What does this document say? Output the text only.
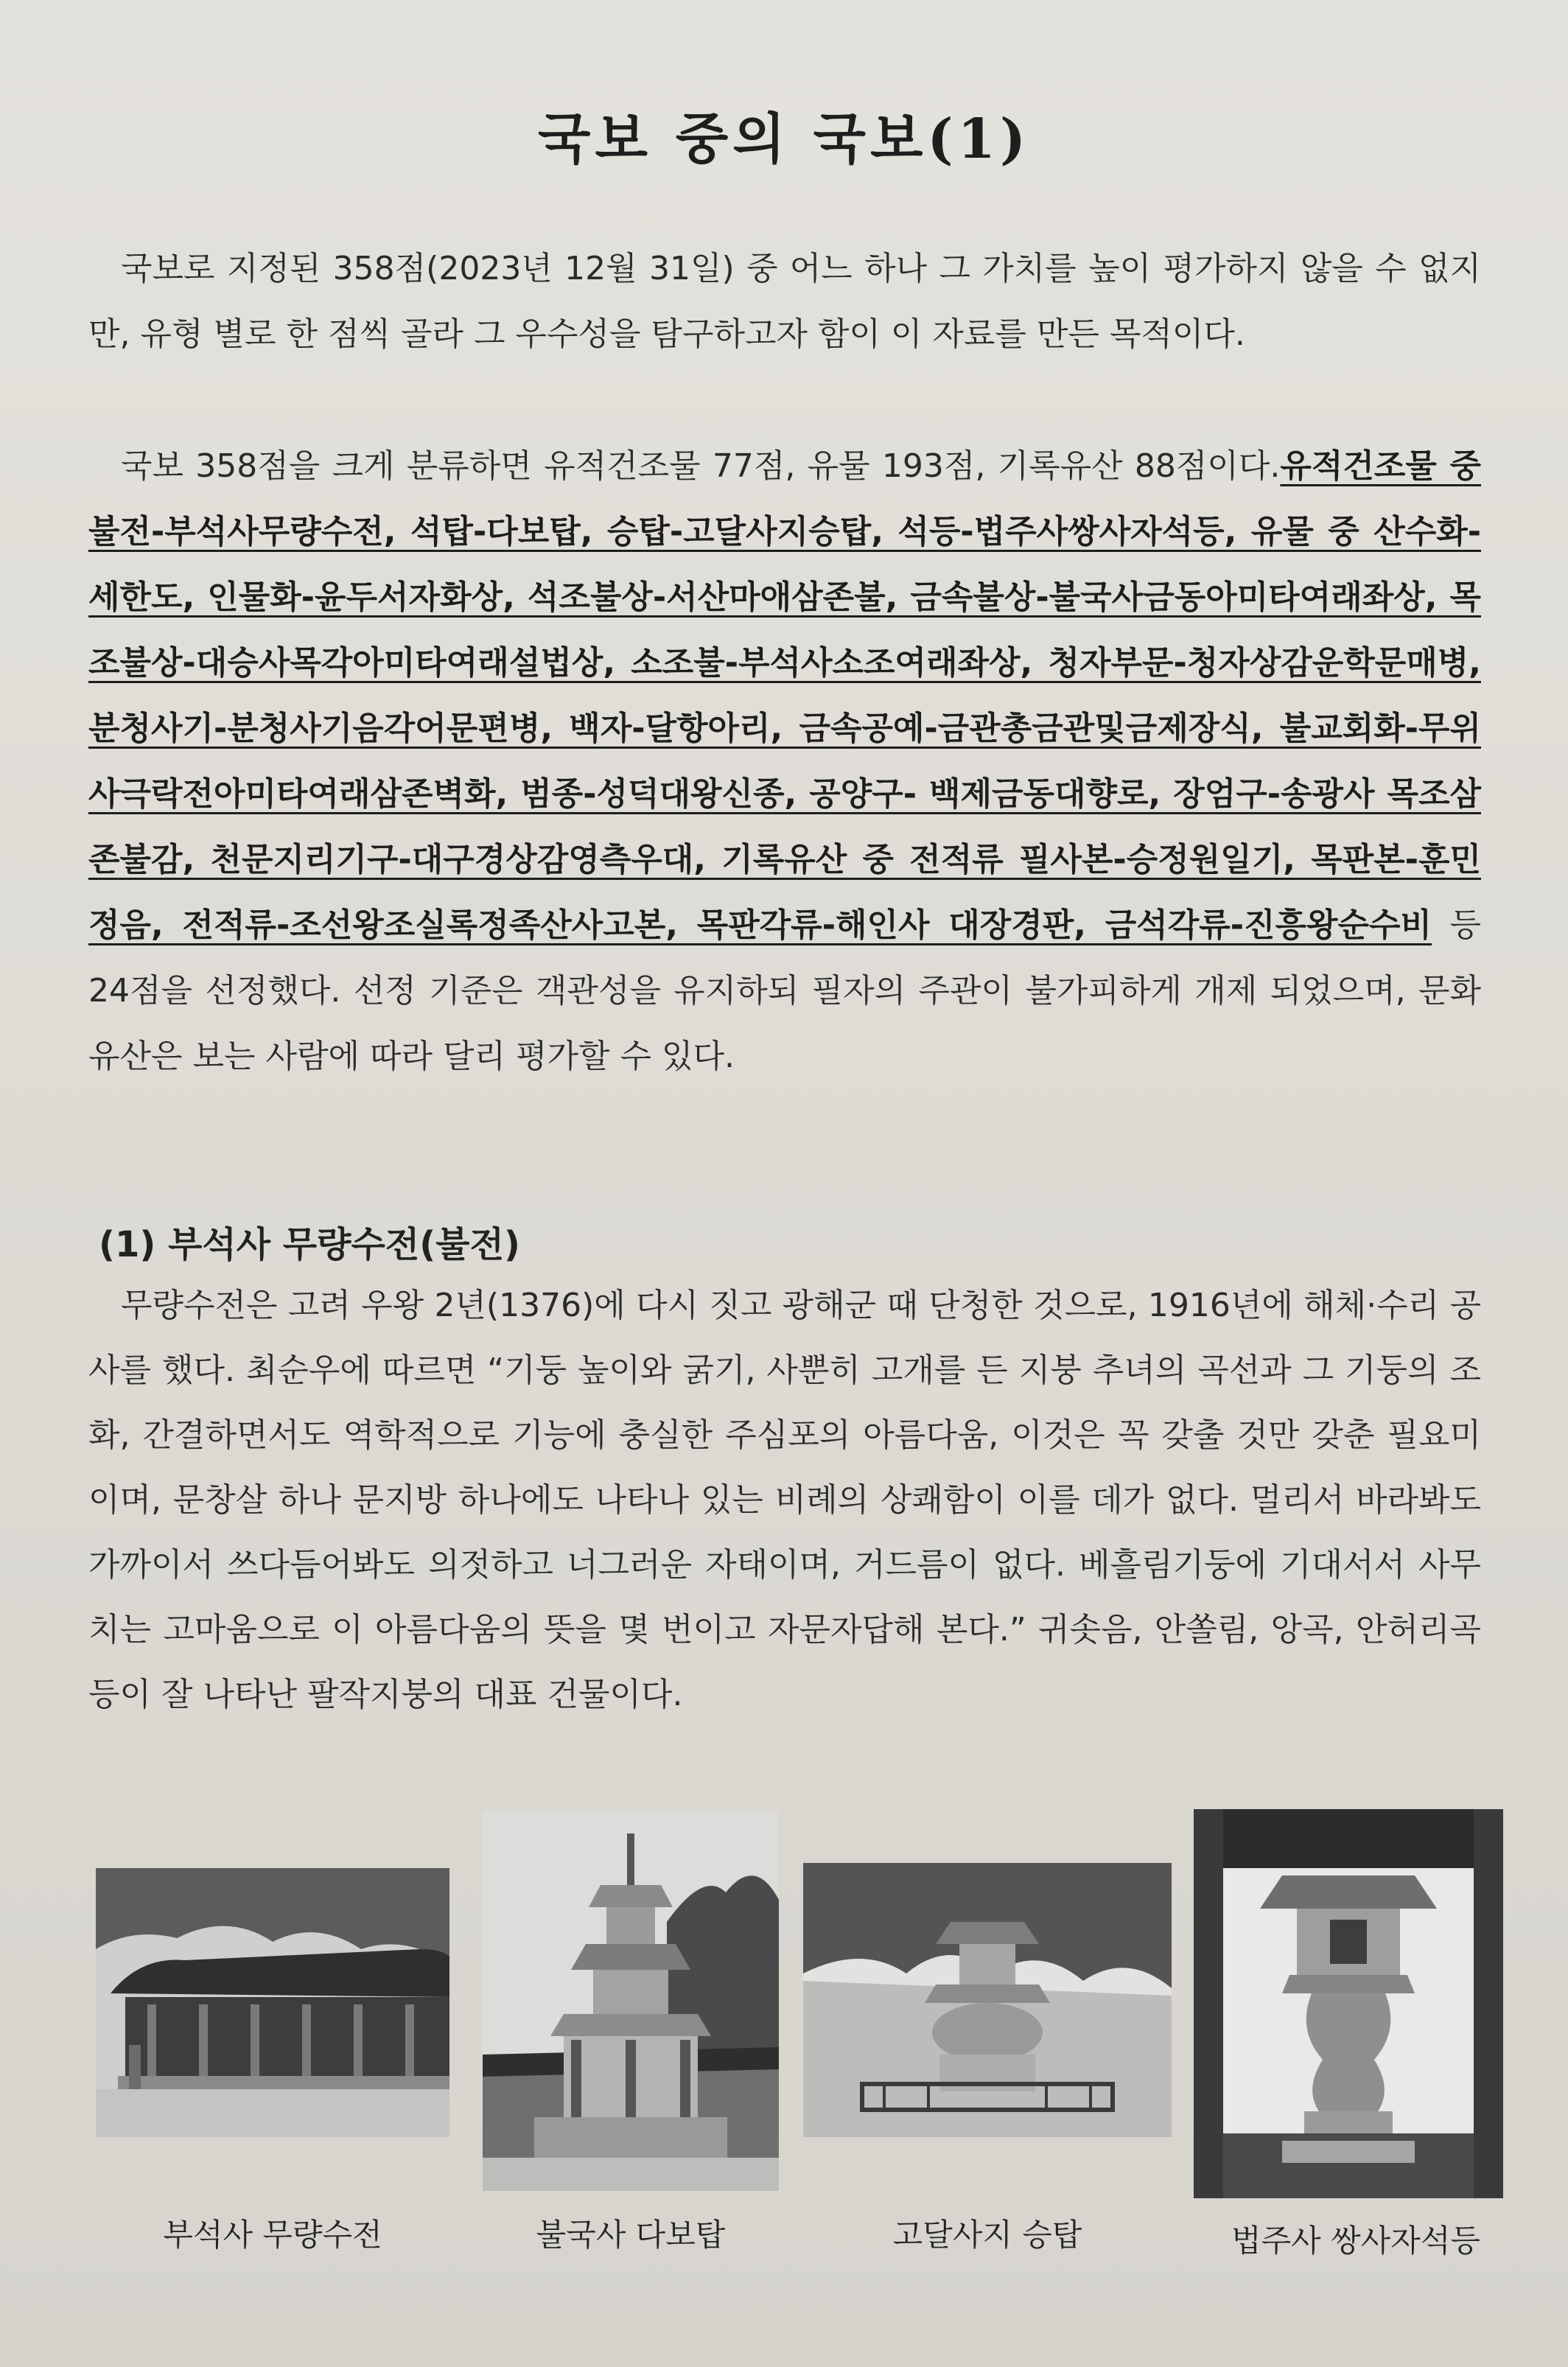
국보 중의 국보(1)
국보로 지정된 358점(2023년 12월 31일) 중 어느 하나 그 가치를 높이 평가하지 않을 수 없지만, 유형 별로 한 점씩 골라 그 우수성을 탐구하고자 함이 이 자료를 만든 목적이다.
국보 358점을 크게 분류하면 유적건조물 77점, 유물 193점, 기록유산 88점이다.유적건조물 중 불전-부석사무량수전, 석탑-다보탑, 승탑-고달사지승탑, 석등-법주사쌍사자석등, 유물 중 산수화-세한도, 인물화-윤두서자화상, 석조불상-서산마애삼존불, 금속불상-불국사금동아미타여래좌상, 목조불상-대승사목각아미타여래설법상, 소조불-부석사소조여래좌상, 청자부문-청자상감운학문매병, 분청사기-분청사기음각어문편병, 백자-달항아리, 금속공예-금관총금관및금제장식, 불교회화-무위사극락전아미타여래삼존벽화, 범종-성덕대왕신종, 공양구- 백제금동대향로, 장엄구-송광사 목조삼존불감, 천문지리기구-대구경상감영측우대, 기록유산 중 전적류 필사본-승정원일기, 목판본-훈민정음, 전적류-조선왕조실록정족산사고본, 목판각류-해인사 대장경판, 금석각류-진흥왕순수비 등 24점을 선정했다. 선정 기준은 객관성을 유지하되 필자의 주관이 불가피하게 개제 되었으며, 문화유산은 보는 사람에 따라 달리 평가할 수 있다.
(1) 부석사 무량수전(불전)
무량수전은 고려 우왕 2년(1376)에 다시 짓고 광해군 때 단청한 것으로, 1916년에 해체·수리 공사를 했다. 최순우에 따르면 “기둥 높이와 굵기, 사뿐히 고개를 든 지붕 추녀의 곡선과 그 기둥의 조화, 간결하면서도 역학적으로 기능에 충실한 주심포의 아름다움, 이것은 꼭 갖출 것만 갖춘 필요미이며, 문창살 하나 문지방 하나에도 나타나 있는 비례의 상쾌함이 이를 데가 없다. 멀리서 바라봐도 가까이서 쓰다듬어봐도 의젓하고 너그러운 자태이며, 거드름이 없다. 베흘림기둥에 기대서서 사무치는 고마움으로 이 아름다움의 뜻을 몇 번이고 자문자답해 본다.” 귀솟음, 안쏠림, 앙곡, 안허리곡 등이 잘 나타난 팔작지붕의 대표 건물이다.
부석사 무량수전	불국사 다보탑	고달사지 승탑	법주사 쌍사자석등
